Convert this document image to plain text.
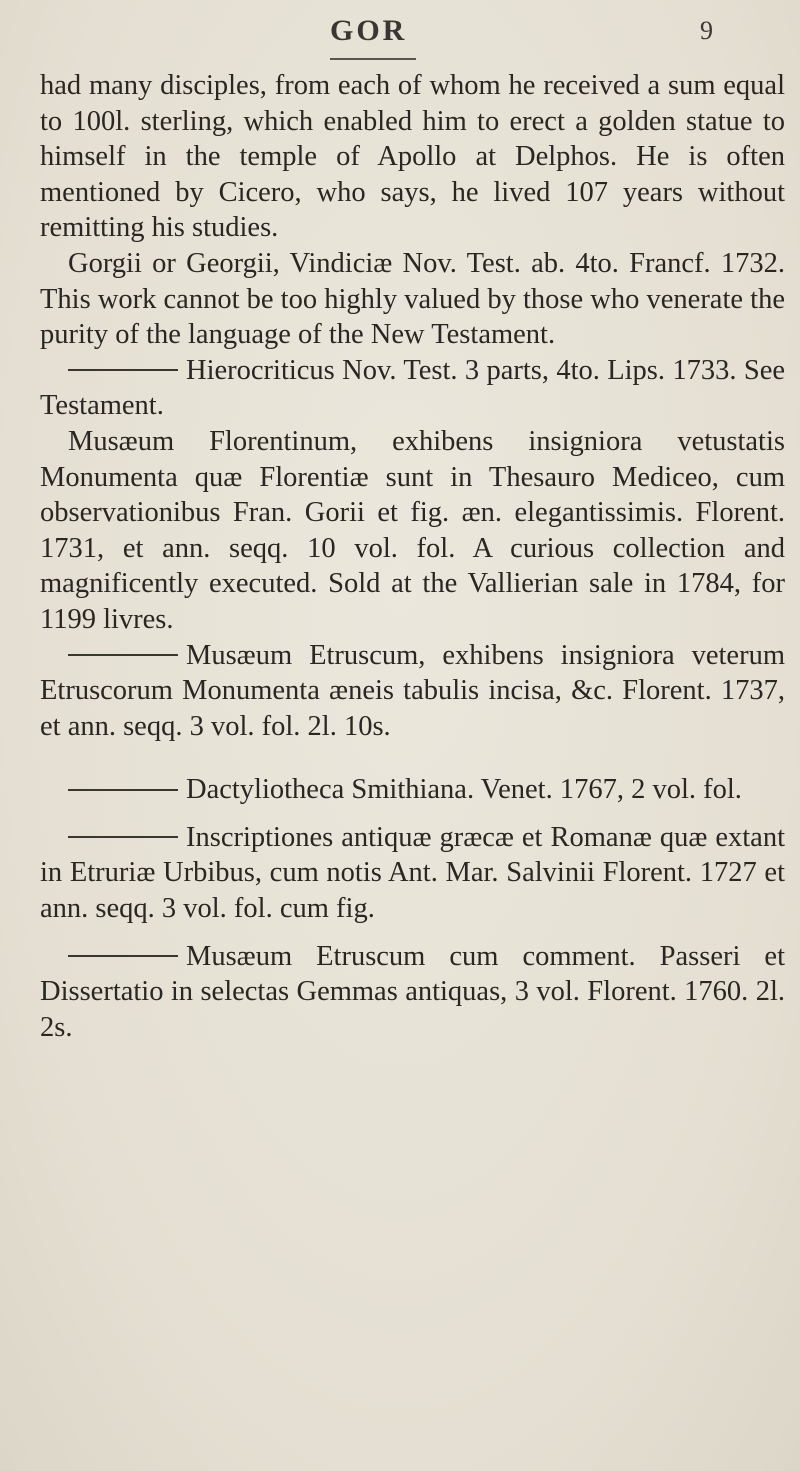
GOR	9

had many disciples, from each of whom he received a sum equal to 100l. sterling, which enabled him to erect a golden statue to himself in the temple of Apollo at Delphos. He is often mentioned by Cicero, who says, he lived 107 years without remitting his studies.

Gorgii or Georgii, Vindiciæ Nov. Test. ab. 4to. Francf. 1732. This work cannot be too highly valued by those who venerate the purity of the language of the New Testament.

Hierocriticus Nov. Test. 3 parts, 4to. Lips. 1733. See Testament.

Musæum Florentinum, exhibens insigniora vetustatis Monumenta quæ Florentiæ sunt in Thesauro Mediceo, cum observationibus Fran. Gorii et fig. æn. elegantissimis. Florent. 1731, et ann. seqq. 10 vol. fol. A curious collection and magnificently executed. Sold at the Vallierian sale in 1784, for 1199 livres.

Musæum Etruscum, exhibens insigniora veterum Etruscorum Monumenta æneis tabulis incisa, &c. Florent. 1737, et ann. seqq. 3 vol. fol. 2l. 10s.

Dactyliotheca Smithiana. Venet. 1767, 2 vol. fol.

Inscriptiones antiquæ græcæ et Romanæ quæ extant in Etruriæ Urbibus, cum notis Ant. Mar. Salvinii Florent. 1727 et ann. seqq. 3 vol. fol. cum fig.

Musæum Etruscum cum comment. Passeri et Dissertatio in selectas Gemmas antiquas, 3 vol. Florent. 1760. 2l. 2s.
